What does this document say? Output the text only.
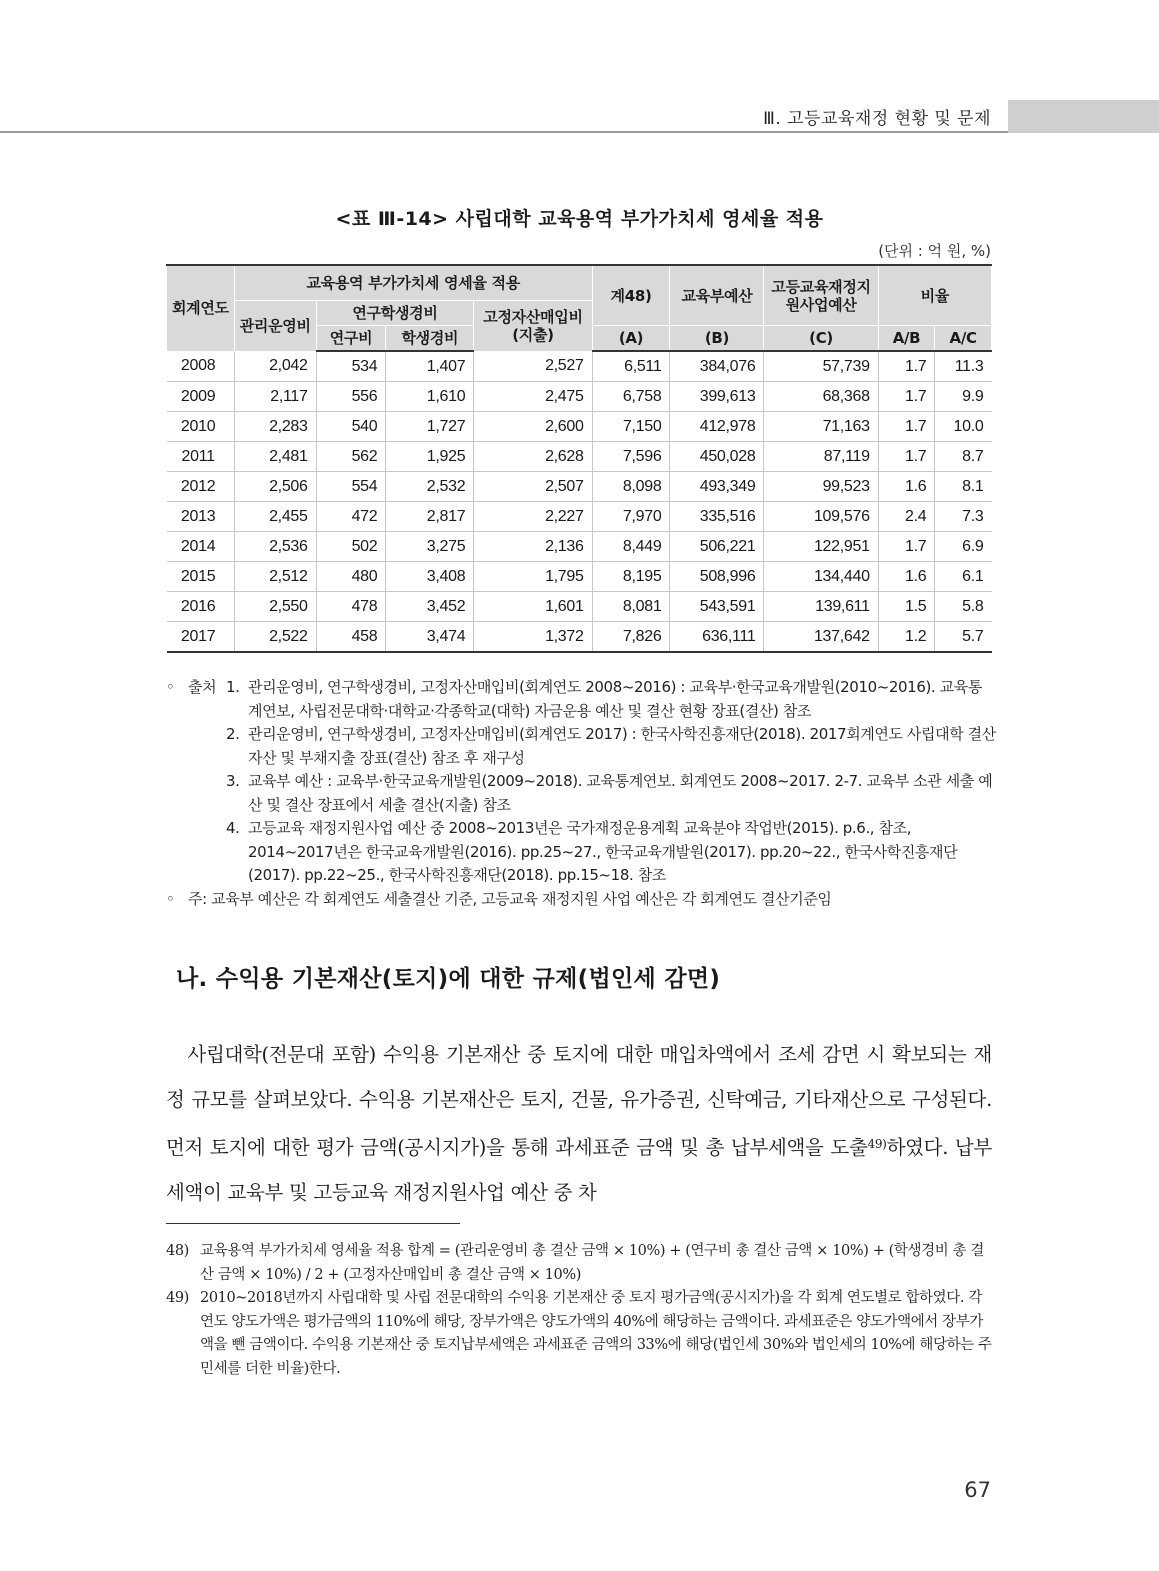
Ⅲ. 고등교육재정 현황 및 문제
<표 Ⅲ-14> 사립대학 교육용역 부가가치세 영세율 적용
(단위 : 억 원, %)
회계연도	교육용역 부가가치세 영세율 적용				계48)	교육부예산	고등교육재정지원사업예산	비율	
	관리운영비	연구학생경비		고정자산매입비(지출)					
		연구비	학생경비		(A)	(B)	(C)	A/B	A/C
2008	2,042	534	1,407	2,527	6,511	384,076	57,739	1.7	11.3
2009	2,117	556	1,610	2,475	6,758	399,613	68,368	1.7	9.9
2010	2,283	540	1,727	2,600	7,150	412,978	71,163	1.7	10.0
2011	2,481	562	1,925	2,628	7,596	450,028	87,119	1.7	8.7
2012	2,506	554	2,532	2,507	8,098	493,349	99,523	1.6	8.1
2013	2,455	472	2,817	2,227	7,970	335,516	109,576	2.4	7.3
2014	2,536	502	3,275	2,136	8,449	506,221	122,951	1.7	6.9
2015	2,512	480	3,408	1,795	8,195	508,996	134,440	1.6	6.1
2016	2,550	478	3,452	1,601	8,081	543,591	139,611	1.5	5.8
2017	2,522	458	3,474	1,372	7,826	636,111	137,642	1.2	5.7
◦ 출처 1. 관리운영비, 연구학생경비, 고정자산매입비(회계연도 2008~2016) : 교육부·한국교육개발원(2010~2016). 교육통계연보, 사립전문대학·대학교·각종학교(대학) 자금운용 예산 및 결산 현황 장표(결산) 참조
2. 관리운영비, 연구학생경비, 고정자산매입비(회계연도 2017) : 한국사학진흥재단(2018). 2017회계연도 사립대학 결산 자산 및 부채지출 장표(결산) 참조 후 재구성
3. 교육부 예산 : 교육부·한국교육개발원(2009~2018). 교육통계연보. 회계연도 2008~2017. 2-7. 교육부 소관 세출 예산 및 결산 장표에서 세출 결산(지출) 참조
4. 고등교육 재정지원사업 예산 중 2008~2013년은 국가재정운용계획 교육분야 작업반(2015). p.6., 참조, 2014~2017년은 한국교육개발원(2016). pp.25~27., 한국교육개발원(2017). pp.20~22., 한국사학진흥재단(2017). pp.22~25., 한국사학진흥재단(2018). pp.15~18. 참조
◦ 주: 교육부 예산은 각 회계연도 세출결산 기준, 고등교육 재정지원 사업 예산은 각 회계연도 결산기준임
나. 수익용 기본재산(토지)에 대한 규제(법인세 감면)
사립대학(전문대 포함) 수익용 기본재산 중 토지에 대한 매입차액에서 조세 감면 시 확보되는 재정 규모를 살펴보았다. 수익용 기본재산은 토지, 건물, 유가증권, 신탁예금, 기타재산으로 구성된다. 먼저 토지에 대한 평가 금액(공시지가)을 통해 과세표준 금액 및 총 납부세액을 도출$^{49)}$하였다. 납부세액이 교육부 및 고등교육 재정지원사업 예산 중 차
48) 교육용역 부가가치세 영세율 적용 합계 = (관리운영비 총 결산 금액 × 10%) + (연구비 총 결산 금액 × 10%) + (학생경비 총 결산 금액 × 10%) / 2 + (고정자산매입비 총 결산 금액 × 10%)
49) 2010~2018년까지 사립대학 및 사립 전문대학의 수익용 기본재산 중 토지 평가금액(공시지가)을 각 회계 연도별로 합하였다. 각 연도 양도가액은 평가금액의 110%에 해당, 장부가액은 양도가액의 40%에 해당하는 금액이다. 과세표준은 양도가액에서 장부가액을 뺀 금액이다. 수익용 기본재산 중 토지납부세액은 과세표준 금액의 33%에 해당(법인세 30%와 법인세의 10%에 해당하는 주민세를 더한 비율)한다.
67
